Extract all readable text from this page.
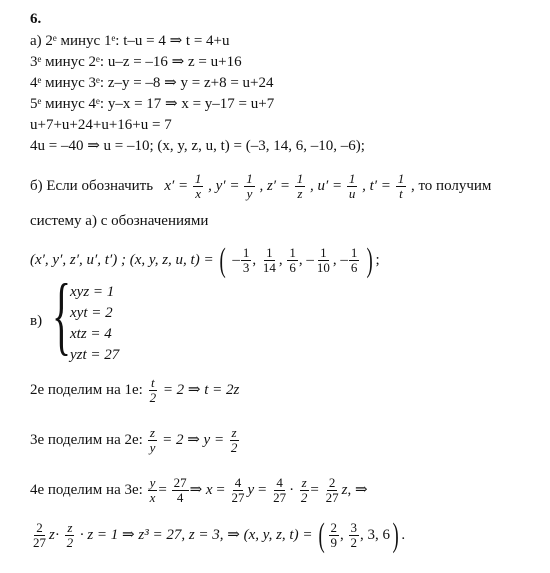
6.
а) 2ᵉ минус 1ᵉ: t–u = 4 ⇒ t = 4+u
3ᵉ минус 2ᵉ: u–z = –16 ⇒ z = u+16
4ᵉ минус 3ᵉ: z–y = –8 ⇒ y = z+8 = u+24
5ᵉ минус 4ᵉ: y–x = 17 ⇒ x = y–17 = u+7
u+7+u+24+u+16+u = 7
4u = –40 ⇒ u = –10; (x, y, z, u, t) = (–3, 14, 6, –10, –6);
б) Если обозначить $x' = \frac{1}{x}$ , $y' = \frac{1}{y}$ , $z' = \frac{1}{z}$ , $u' = \frac{1}{u}$ , $t' = \frac{1}{t}$ , то получим
систему а) с обозначениями
(x′, y′, z′, u′, t′) ; (x, y, z, u, t) = ( – $\frac{1}{3}$ , $\frac{1}{14}$ , $\frac{1}{6}$ , – $\frac{1}{10}$ , – $\frac{1}{6}$ ) ;
в) {
xyz = 1
xyt = 2
xtz = 4
yzt = 27
2е поделим на 1е: $\frac{t}{2} = 2$ ⇒ t = 2z
3е поделим на 2е: $\frac{z}{y} = 2$ ⇒ $y = \frac{z}{2}$
4е поделим на 3е: $\frac{y}{x} = \frac{27}{4}$ ⇒ $x = \frac{4}{27}$ $y = \frac{4}{27} \cdot \frac{z}{2} = \frac{2}{27} z$, ⇒
$\frac{2}{27} z\cdot \frac{z}{2} \cdot z = 1$ ⇒ z³ = 27, z = 3, ⇒ (x, y, z, t) = ( $\frac{2}{9}$ , $\frac{3}{2}$ , 3, 6) .
